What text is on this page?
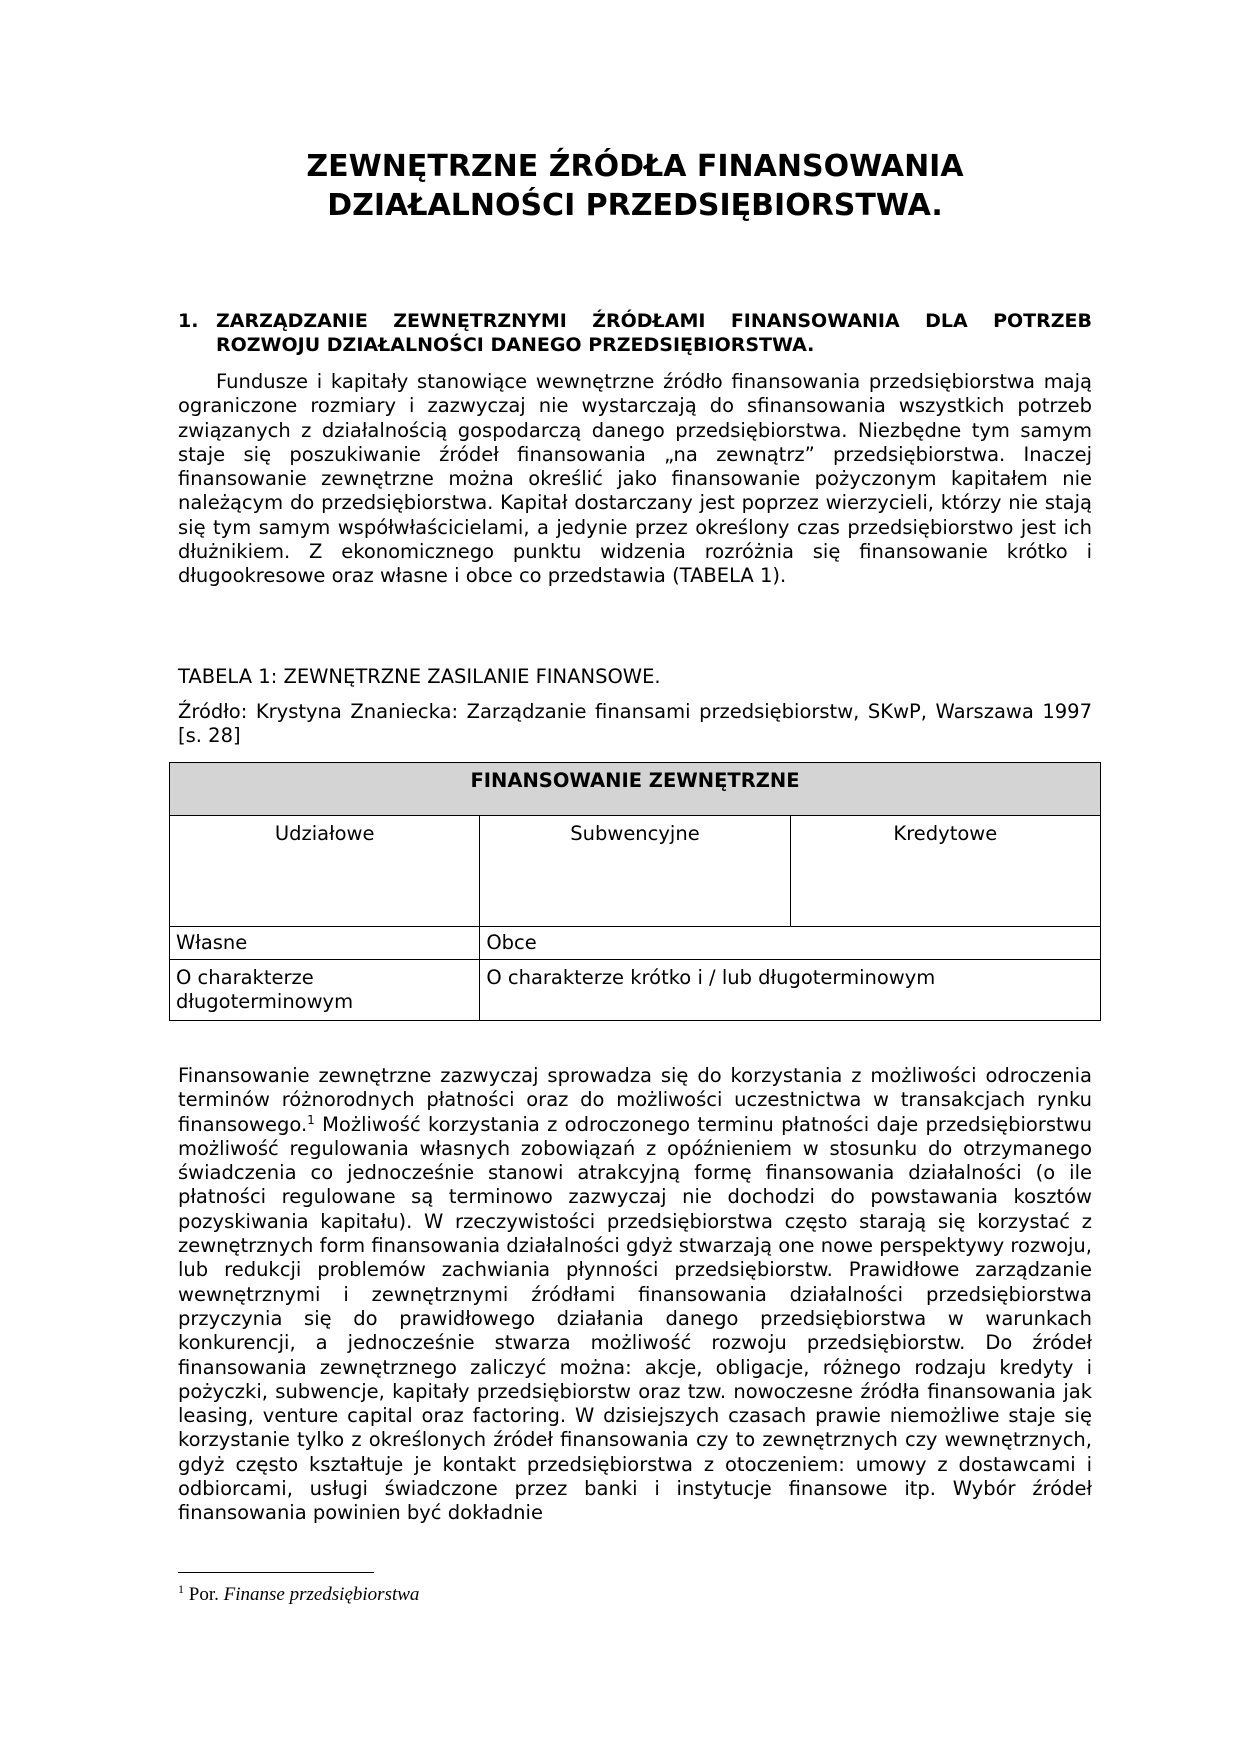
ZEWNĘTRZNE ŹRÓDŁA FINANSOWANIA
DZIAŁALNOŚCI PRZEDSIĘBIORSTWA.
1. ZARZĄDZANIE ZEWNĘTRZNYMI ŹRÓDŁAMI FINANSOWANIA DLA POTRZEB ROZWOJU DZIAŁALNOŚCI DANEGO PRZEDSIĘBIORSTWA.

Fundusze i kapitały stanowiące wewnętrzne źródło finansowania przedsiębiorstwa mają ograniczone rozmiary i zazwyczaj nie wystarczają do sfinansowania wszystkich potrzeb związanych z działalnością gospodarczą danego przedsiębiorstwa. Niezbędne tym samym staje się poszukiwanie źródeł finansowania „na zewnątrz” przedsiębiorstwa. Inaczej finansowanie zewnętrzne można określić jako finansowanie pożyczonym kapitałem nie należącym do przedsiębiorstwa. Kapitał dostarczany jest poprzez wierzycieli, którzy nie stają się tym samym współwłaścicielami, a jedynie przez określony czas przedsiębiorstwo jest ich dłużnikiem. Z ekonomicznego punktu widzenia rozróżnia się finansowanie krótko i długookresowe oraz własne i obce co przedstawia (TABELA 1).

TABELA 1: ZEWNĘTRZNE ZASILANIE FINANSOWE.

Źródło: Krystyna Znaniecka: Zarządzanie finansami przedsiębiorstw, SKwP, Warszawa 1997 [s. 28]

FINANSOWANIE ZEWNĘTRZNE		
Udziałowe	Subwencyjne	Kredytowe
Własne	Obce	
O charakterze długoterminowym	O charakterze krótko i / lub długoterminowym	

Finansowanie zewnętrzne zazwyczaj sprowadza się do korzystania z możliwości odroczenia terminów różnorodnych płatności oraz do możliwości uczestnictwa w transakcjach rynku finansowego.$^1$ Możliwość korzystania z odroczonego terminu płatności daje przedsiębiorstwu możliwość regulowania własnych zobowiązań z opóźnieniem w stosunku do otrzymanego świadczenia co jednocześnie stanowi atrakcyjną formę finansowania działalności (o ile płatności regulowane są terminowo zazwyczaj nie dochodzi do powstawania kosztów pozyskiwania kapitału). W rzeczywistości przedsiębiorstwa często starają się korzystać z zewnętrznych form finansowania działalności gdyż stwarzają one nowe perspektywy rozwoju, lub redukcji problemów zachwiania płynności przedsiębiorstw. Prawidłowe zarządzanie wewnętrznymi i zewnętrznymi źródłami finansowania działalności przedsiębiorstwa przyczynia się do prawidłowego działania danego przedsiębiorstwa w warunkach konkurencji, a jednocześnie stwarza możliwość rozwoju przedsiębiorstw. Do źródeł finansowania zewnętrznego zaliczyć można: akcje, obligacje, różnego rodzaju kredyty i pożyczki, subwencje, kapitały przedsiębiorstw oraz tzw. nowoczesne źródła finansowania jak leasing, venture capital oraz factoring. W dzisiejszych czasach prawie niemożliwe staje się korzystanie tylko z określonych źródeł finansowania czy to zewnętrznych czy wewnętrznych, gdyż często kształtuje je kontakt przedsiębiorstwa z otoczeniem: umowy z dostawcami i odbiorcami, usługi świadczone przez banki i instytucje finansowe itp. Wybór źródeł finansowania powinien być dokładnie

$^1$ Por. Finanse przedsiębiorstwa
